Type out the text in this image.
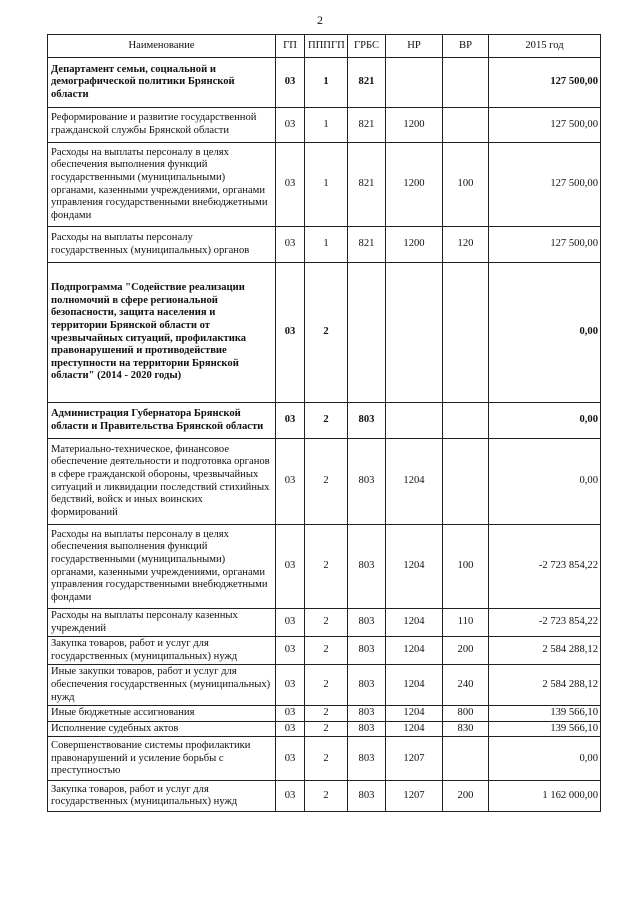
2
Наименование	ГП	ПППГП	ГРБС	НР	ВР	2015 год
Департамент семьи, социальной и демографической политики Брянской области	03	1	821			127 500,00
Реформирование и развитие государственной гражданской службы Брянской области	03	1	821	1200		127 500,00
Расходы на выплаты персоналу в целях обеспечения выполнения функций государственными (муниципальными) органами, казенными учреждениями, органами управления государственными внебюджетными фондами	03	1	821	1200	100	127 500,00
Расходы на выплаты персоналу государственных (муниципальных) органов	03	1	821	1200	120	127 500,00
Подпрограмма "Содействие реализации полномочий в сфере региональной безопасности, защита населения и территории Брянской области от чрезвычайных ситуаций, профилактика правонарушений и противодействие преступности на территории Брянской области" (2014 - 2020 годы)	03	2				0,00
Администрация Губернатора Брянской области и Правительства Брянской области	03	2	803			0,00
Материально-техническое, финансовое обеспечение деятельности и подготовка органов в сфере гражданской обороны, чрезвычайных ситуаций и ликвидации последствий стихийных бедствий, войск и иных воинских формирований	03	2	803	1204		0,00
Расходы на выплаты персоналу в целях обеспечения выполнения функций государственными (муниципальными) органами, казенными учреждениями, органами управления государственными внебюджетными фондами	03	2	803	1204	100	-2 723 854,22
Расходы на выплаты персоналу казенных учреждений	03	2	803	1204	110	-2 723 854,22
Закупка товаров, работ и услуг для государственных (муниципальных) нужд	03	2	803	1204	200	2 584 288,12
Иные закупки товаров, работ и услуг для обеспечения государственных (муниципальных) нужд	03	2	803	1204	240	2 584 288,12
Иные бюджетные ассигнования	03	2	803	1204	800	139 566,10
Исполнение судебных актов	03	2	803	1204	830	139 566,10
Совершенствование системы профилактики правонарушений и усиление борьбы с преступностью	03	2	803	1207		0,00
Закупка товаров, работ и услуг для государственных (муниципальных) нужд	03	2	803	1207	200	1 162 000,00
